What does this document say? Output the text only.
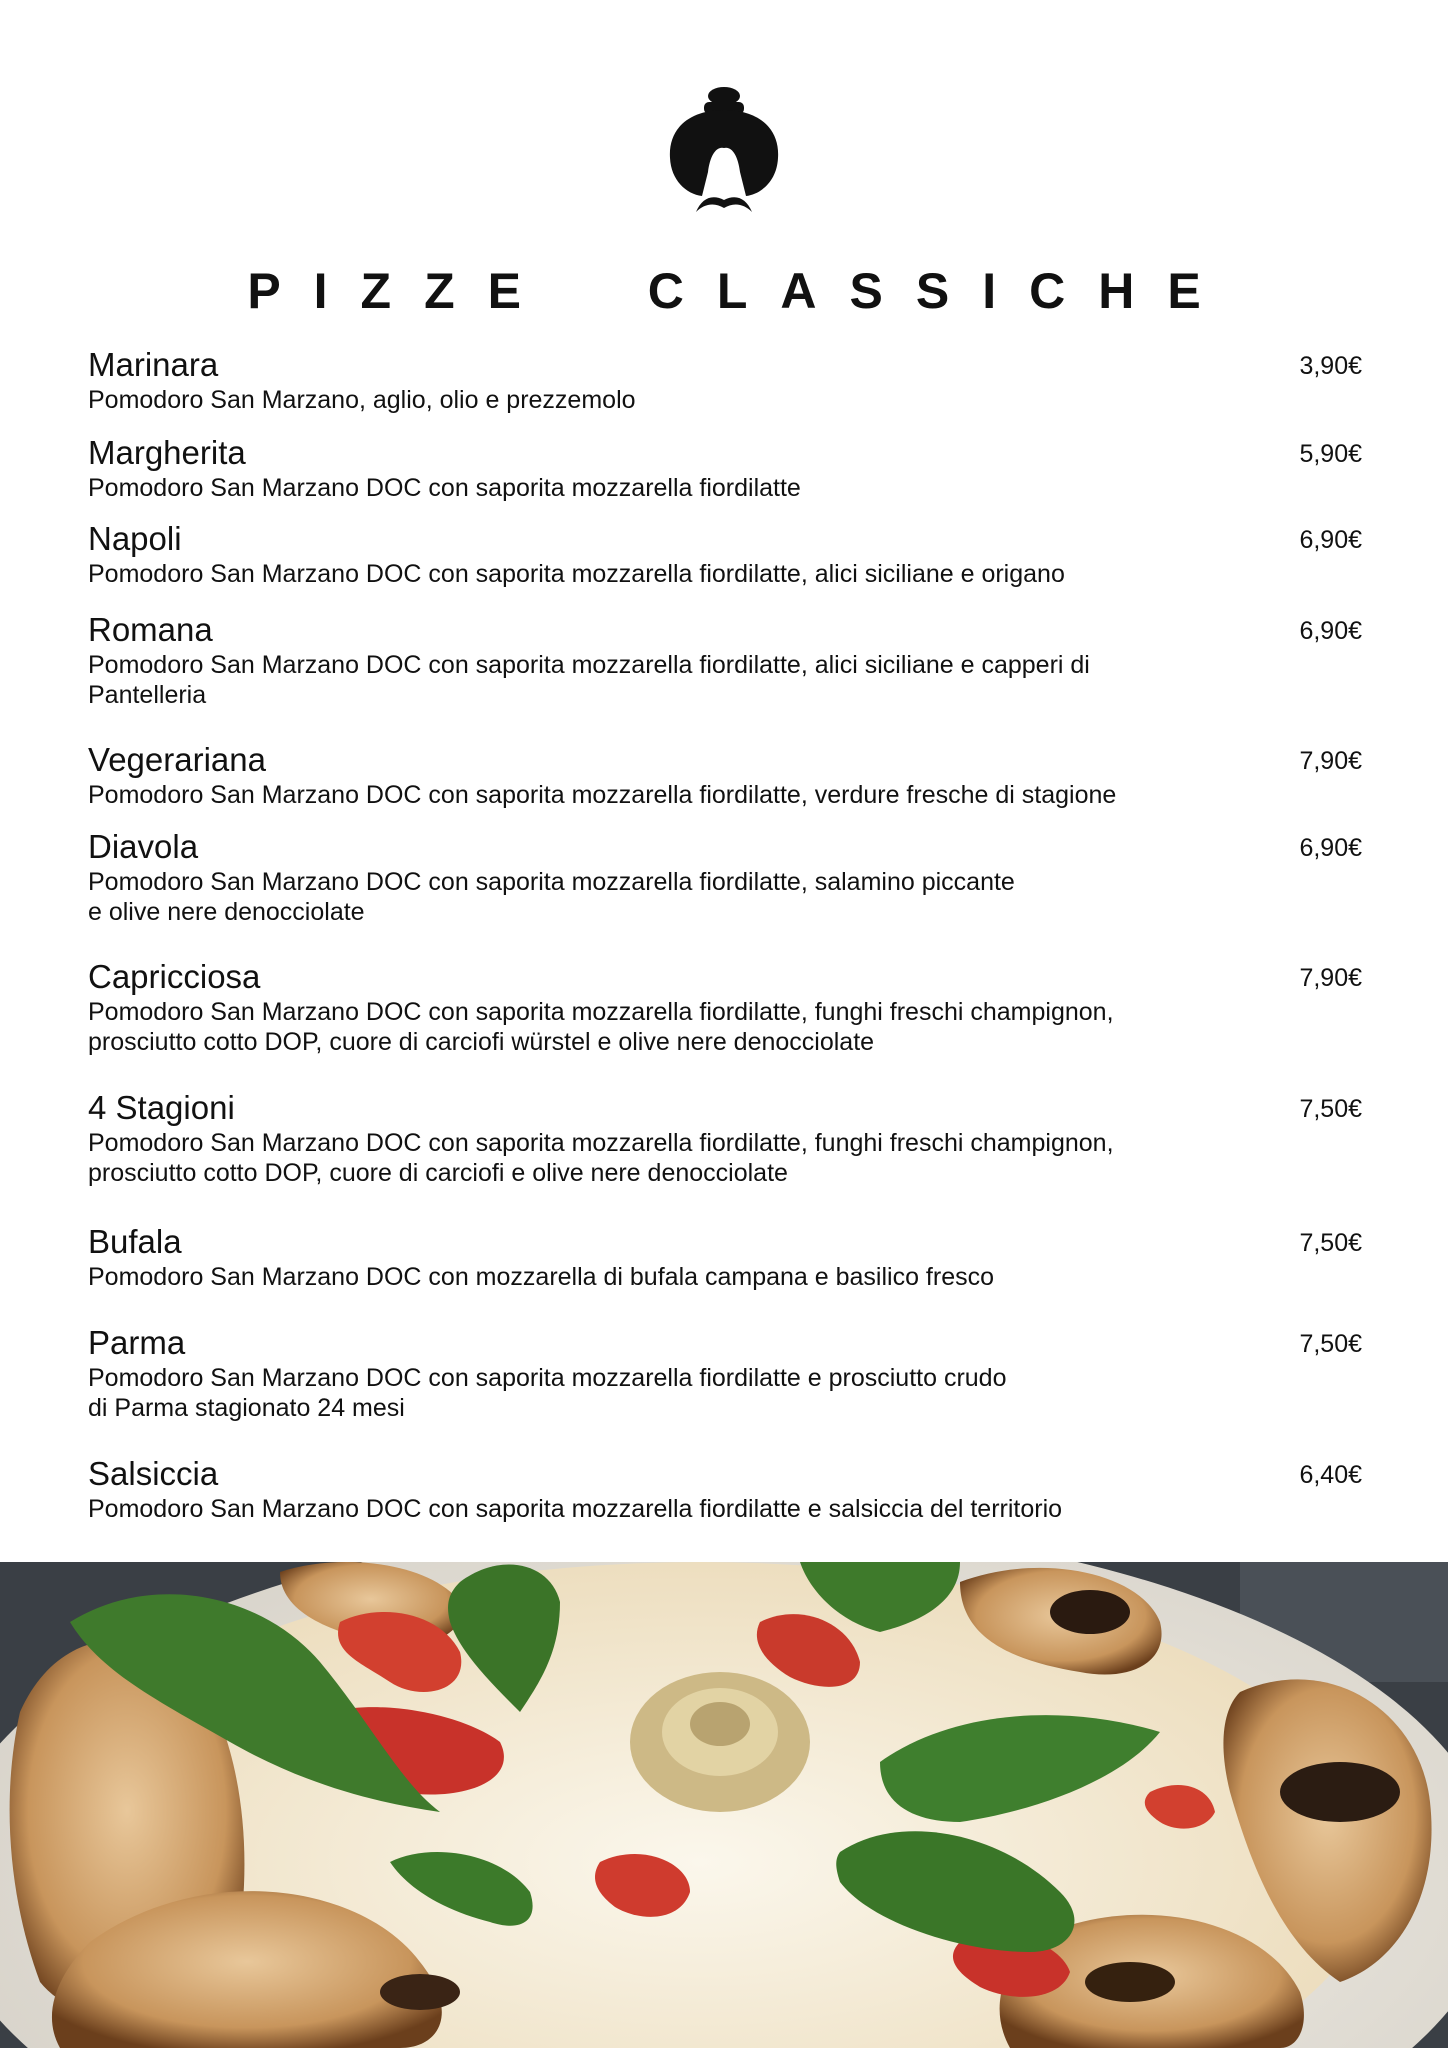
PIZZE  CLASSICHE
Marinara
Pomodoro San Marzano, aglio, olio e prezzemolo
3,90€
Margherita
Pomodoro San Marzano DOC con saporita mozzarella fiordilatte
5,90€
Napoli
Pomodoro San Marzano DOC con saporita mozzarella fiordilatte, alici siciliane e origano
6,90€
Romana
Pomodoro San Marzano DOC con saporita mozzarella fiordilatte, alici siciliane e capperi di Pantelleria
6,90€
Vegerariana
Pomodoro San Marzano DOC con saporita mozzarella fiordilatte, verdure fresche di stagione
7,90€
Diavola
Pomodoro San Marzano DOC con saporita mozzarella fiordilatte, salamino piccante
e olive nere denocciolate
6,90€
Capricciosa
Pomodoro San Marzano DOC con saporita mozzarella fiordilatte, funghi freschi champignon, prosciutto cotto DOP, cuore di carciofi würstel e olive nere denocciolate
7,90€
4 Stagioni
Pomodoro San Marzano DOC con saporita mozzarella fiordilatte, funghi freschi champignon, prosciutto cotto DOP, cuore di carciofi e olive nere denocciolate
7,50€
Bufala
Pomodoro San Marzano DOC con mozzarella di bufala campana e basilico fresco
7,50€
Parma
Pomodoro San Marzano DOC con saporita mozzarella fiordilatte e prosciutto crudo
di Parma stagionato 24 mesi
7,50€
Salsiccia
Pomodoro San Marzano DOC con saporita mozzarella fiordilatte e salsiccia del territorio
6,40€
